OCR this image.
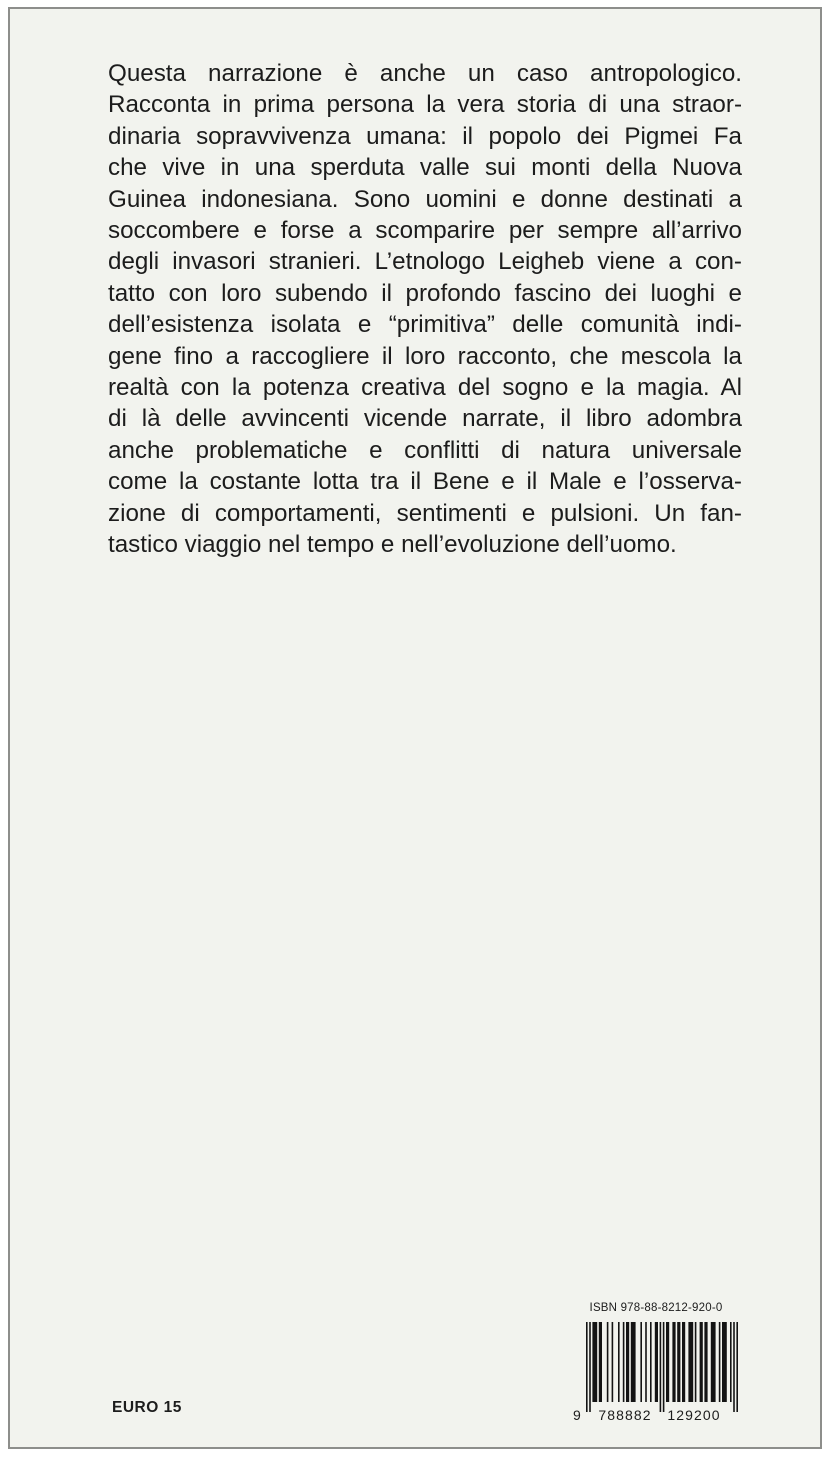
Questa narrazione è anche un caso antropologico.
Racconta in prima persona la vera storia di una straor-
dinaria sopravvivenza umana: il popolo dei Pigmei Fa
che vive in una sperduta valle sui monti della Nuova
Guinea indonesiana. Sono uomini e donne destinati a
soccombere e forse a scomparire per sempre all’arrivo
degli invasori stranieri. L’etnologo Leigheb viene a con-
tatto con loro subendo il profondo fascino dei luoghi e
dell’esistenza isolata e “primitiva” delle comunità indi-
gene fino a raccogliere il loro racconto, che mescola la
realtà con la potenza creativa del sogno e la magia. Al
di là delle avvincenti vicende narrate, il libro adombra
anche problematiche e conflitti di natura universale
come la costante lotta tra il Bene e il Male e l’osserva-
zione di comportamenti, sentimenti e pulsioni. Un fan-
tastico viaggio nel tempo e nell’evoluzione dell’uomo.
ISBN 978-88-8212-920-0
9 788882 129200
EURO 15
